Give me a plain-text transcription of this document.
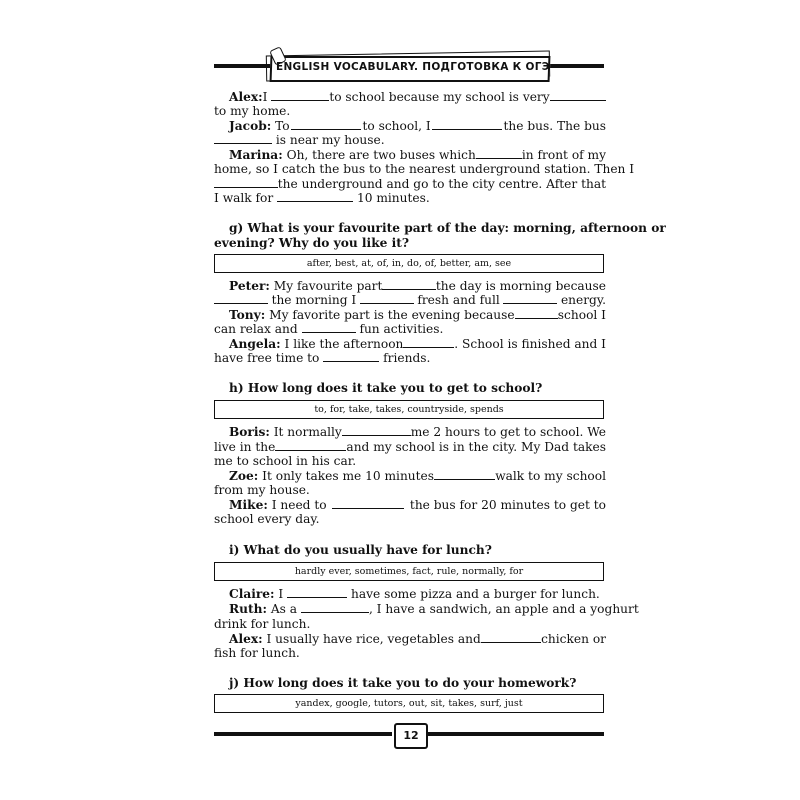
ENGLISH VOCABULARY. ПОДГОТОВКА К ОГЭ
Alex:I	to school because my school is very
to my home.
Jacob: To	to school, I	the bus. The bus
is near my house.
Marina: Oh, there are two buses which	in front of my
home, so I catch the bus to the nearest underground station. Then I
the underground and go to the city centre. After that
I walk for	10 minutes.
g) What is your favourite part of the day: morning, afternoon or
evening? Why do you like it?
after, best, at, of, in, do, of, better, am, see
Peter: My favourite part	the day is morning because
the morning I	fresh and full	energy.
Tony: My favorite part is the evening because	school I
can relax and	fun activities.
Angela: I like the afternoon	. School is finished and I
have free time to	friends.
h) How long does it take you to get to school?
to, for, take, takes, countryside, spends
Boris: It normally	me 2 hours to get to school. We
live in the	and my school is in the city. My Dad takes
me to school in his car.
Zoe: It only takes me 10 minutes	walk to my school
from my house.
Mike: I need to	the bus for 20 minutes to get to
school every day.
i) What do you usually have for lunch?
hardly ever, sometimes, fact, rule, normally, for
Claire: I	have some pizza and a burger for lunch.
Ruth: As a	, I have a sandwich, an apple and a yoghurt
drink for lunch.
Alex: I usually have rice, vegetables and	chicken or
fish for lunch.
j) How long does it take you to do your homework?
yandex, google, tutors, out, sit, takes, surf, just
12
